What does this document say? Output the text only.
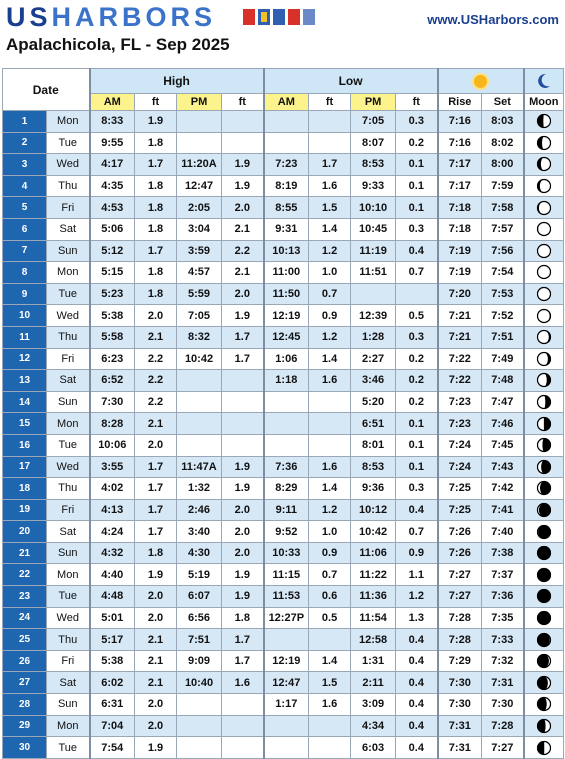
USHARBORS	www.USHarbors.com
Apalachicola, FL - Sep 2025
Date		High				Low		
		AM	ft	PM	ft	AM	ft	PM	ft	Rise	Set	Moon
1	Mon	8:33	1.9					7:05	0.3	7:16	8:03	
2	Tue	9:55	1.8					8:07	0.2	7:16	8:02	
3	Wed	4:17	1.7	11:20A	1.9	7:23	1.7	8:53	0.1	7:17	8:00	
4	Thu	4:35	1.8	12:47	1.9	8:19	1.6	9:33	0.1	7:17	7:59	
5	Fri	4:53	1.8	2:05	2.0	8:55	1.5	10:10	0.1	7:18	7:58	
6	Sat	5:06	1.8	3:04	2.1	9:31	1.4	10:45	0.3	7:18	7:57	
7	Sun	5:12	1.7	3:59	2.2	10:13	1.2	11:19	0.4	7:19	7:56	
8	Mon	5:15	1.8	4:57	2.1	11:00	1.0	11:51	0.7	7:19	7:54	
9	Tue	5:23	1.8	5:59	2.0	11:50	0.7			7:20	7:53	
10	Wed	5:38	2.0	7:05	1.9	12:19	0.9	12:39	0.5	7:21	7:52	
11	Thu	5:58	2.1	8:32	1.7	12:45	1.2	1:28	0.3	7:21	7:51	
12	Fri	6:23	2.2	10:42	1.7	1:06	1.4	2:27	0.2	7:22	7:49	
13	Sat	6:52	2.2			1:18	1.6	3:46	0.2	7:22	7:48	
14	Sun	7:30	2.2					5:20	0.2	7:23	7:47	
15	Mon	8:28	2.1					6:51	0.1	7:23	7:46	
16	Tue	10:06	2.0					8:01	0.1	7:24	7:45	
17	Wed	3:55	1.7	11:47A	1.9	7:36	1.6	8:53	0.1	7:24	7:43	
18	Thu	4:02	1.7	1:32	1.9	8:29	1.4	9:36	0.3	7:25	7:42	
19	Fri	4:13	1.7	2:46	2.0	9:11	1.2	10:12	0.4	7:25	7:41	
20	Sat	4:24	1.7	3:40	2.0	9:52	1.0	10:42	0.7	7:26	7:40	
21	Sun	4:32	1.8	4:30	2.0	10:33	0.9	11:06	0.9	7:26	7:38	
22	Mon	4:40	1.9	5:19	1.9	11:15	0.7	11:22	1.1	7:27	7:37	
23	Tue	4:48	2.0	6:07	1.9	11:53	0.6	11:36	1.2	7:27	7:36	
24	Wed	5:01	2.0	6:56	1.8	12:27P	0.5	11:54	1.3	7:28	7:35	
25	Thu	5:17	2.1	7:51	1.7			12:58	0.4	7:28	7:33	
26	Fri	5:38	2.1	9:09	1.7	12:19	1.4	1:31	0.4	7:29	7:32	
27	Sat	6:02	2.1	10:40	1.6	12:47	1.5	2:11	0.4	7:30	7:31	
28	Sun	6:31	2.0			1:17	1.6	3:09	0.4	7:30	7:30	
29	Mon	7:04	2.0					4:34	0.4	7:31	7:28	
30	Tue	7:54	1.9					6:03	0.4	7:31	7:27	
